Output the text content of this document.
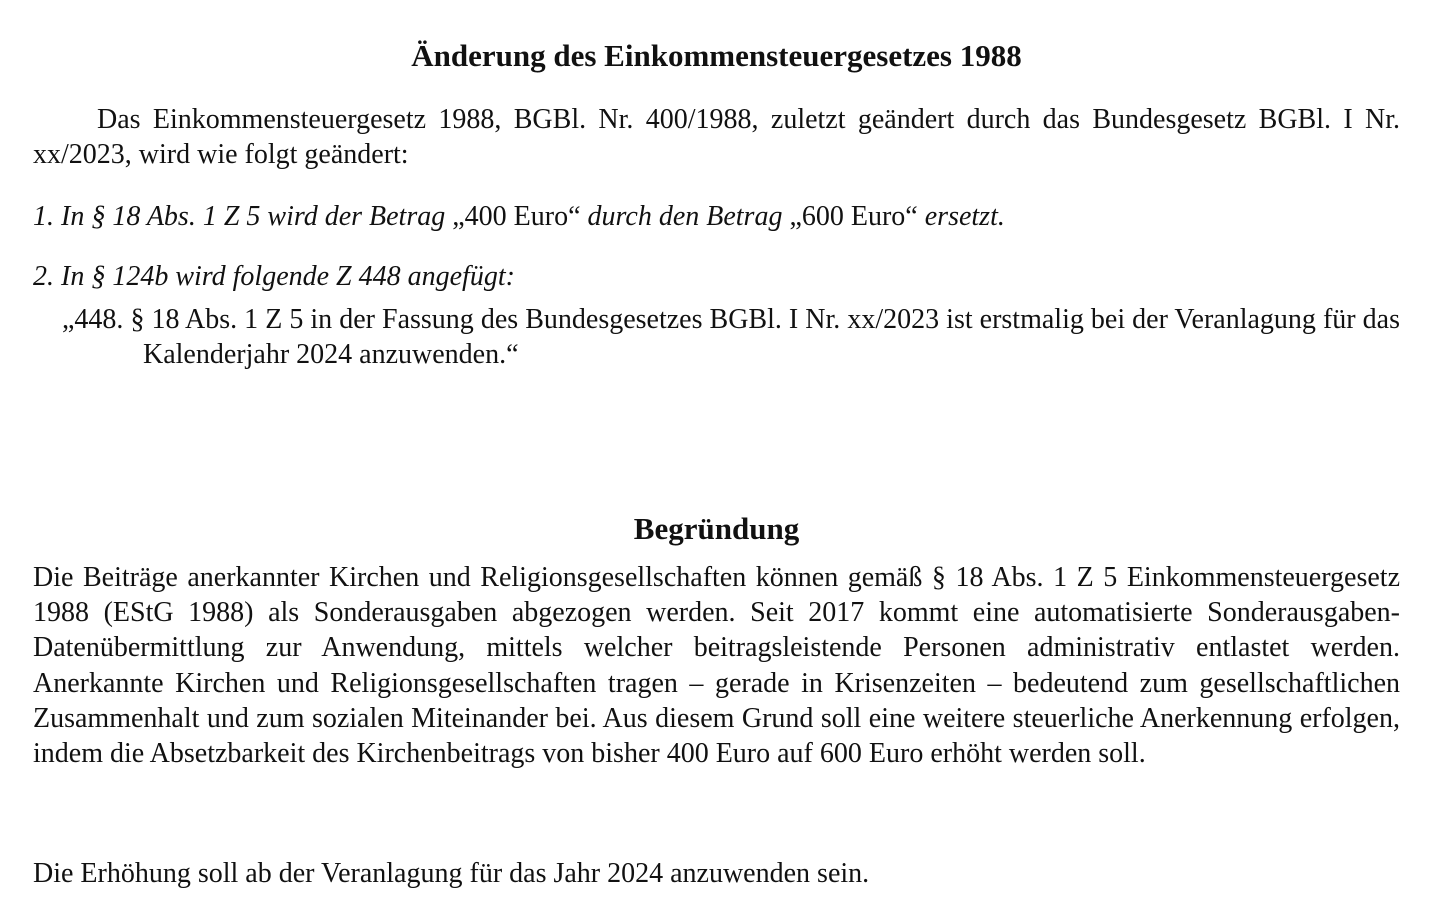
Änderung des Einkommensteuergesetzes 1988

Das Einkommensteuergesetz 1988, BGBl. Nr. 400/1988, zuletzt geändert durch das Bundesgesetz BGBl. I Nr. xx/2023, wird wie folgt geändert:

1. In § 18 Abs. 1 Z 5 wird der Betrag „400 Euro“ durch den Betrag „600 Euro“ ersetzt.

2. In § 124b wird folgende Z 448 angefügt:

„448. § 18 Abs. 1 Z 5 in der Fassung des Bundesgesetzes BGBl. I Nr. xx/2023 ist erstmalig bei der Veranlagung für das Kalenderjahr 2024 anzuwenden.“

Begründung

Die Beiträge anerkannter Kirchen und Religionsgesellschaften können gemäß § 18 Abs. 1 Z 5 Einkommensteuergesetz 1988 (EStG 1988) als Sonderausgaben abgezogen werden. Seit 2017 kommt eine automatisierte Sonderausgaben-Datenübermittlung zur Anwendung, mittels welcher beitragsleistende Personen administrativ entlastet werden. Anerkannte Kirchen und Religionsgesellschaften tragen – gerade in Krisenzeiten – bedeutend zum gesellschaftlichen Zusammenhalt und zum sozialen Miteinander bei. Aus diesem Grund soll eine weitere steuerliche Anerkennung erfolgen, indem die Absetzbarkeit des Kirchenbeitrags von bisher 400 Euro auf 600 Euro erhöht werden soll.

Die Erhöhung soll ab der Veranlagung für das Jahr 2024 anzuwenden sein.
